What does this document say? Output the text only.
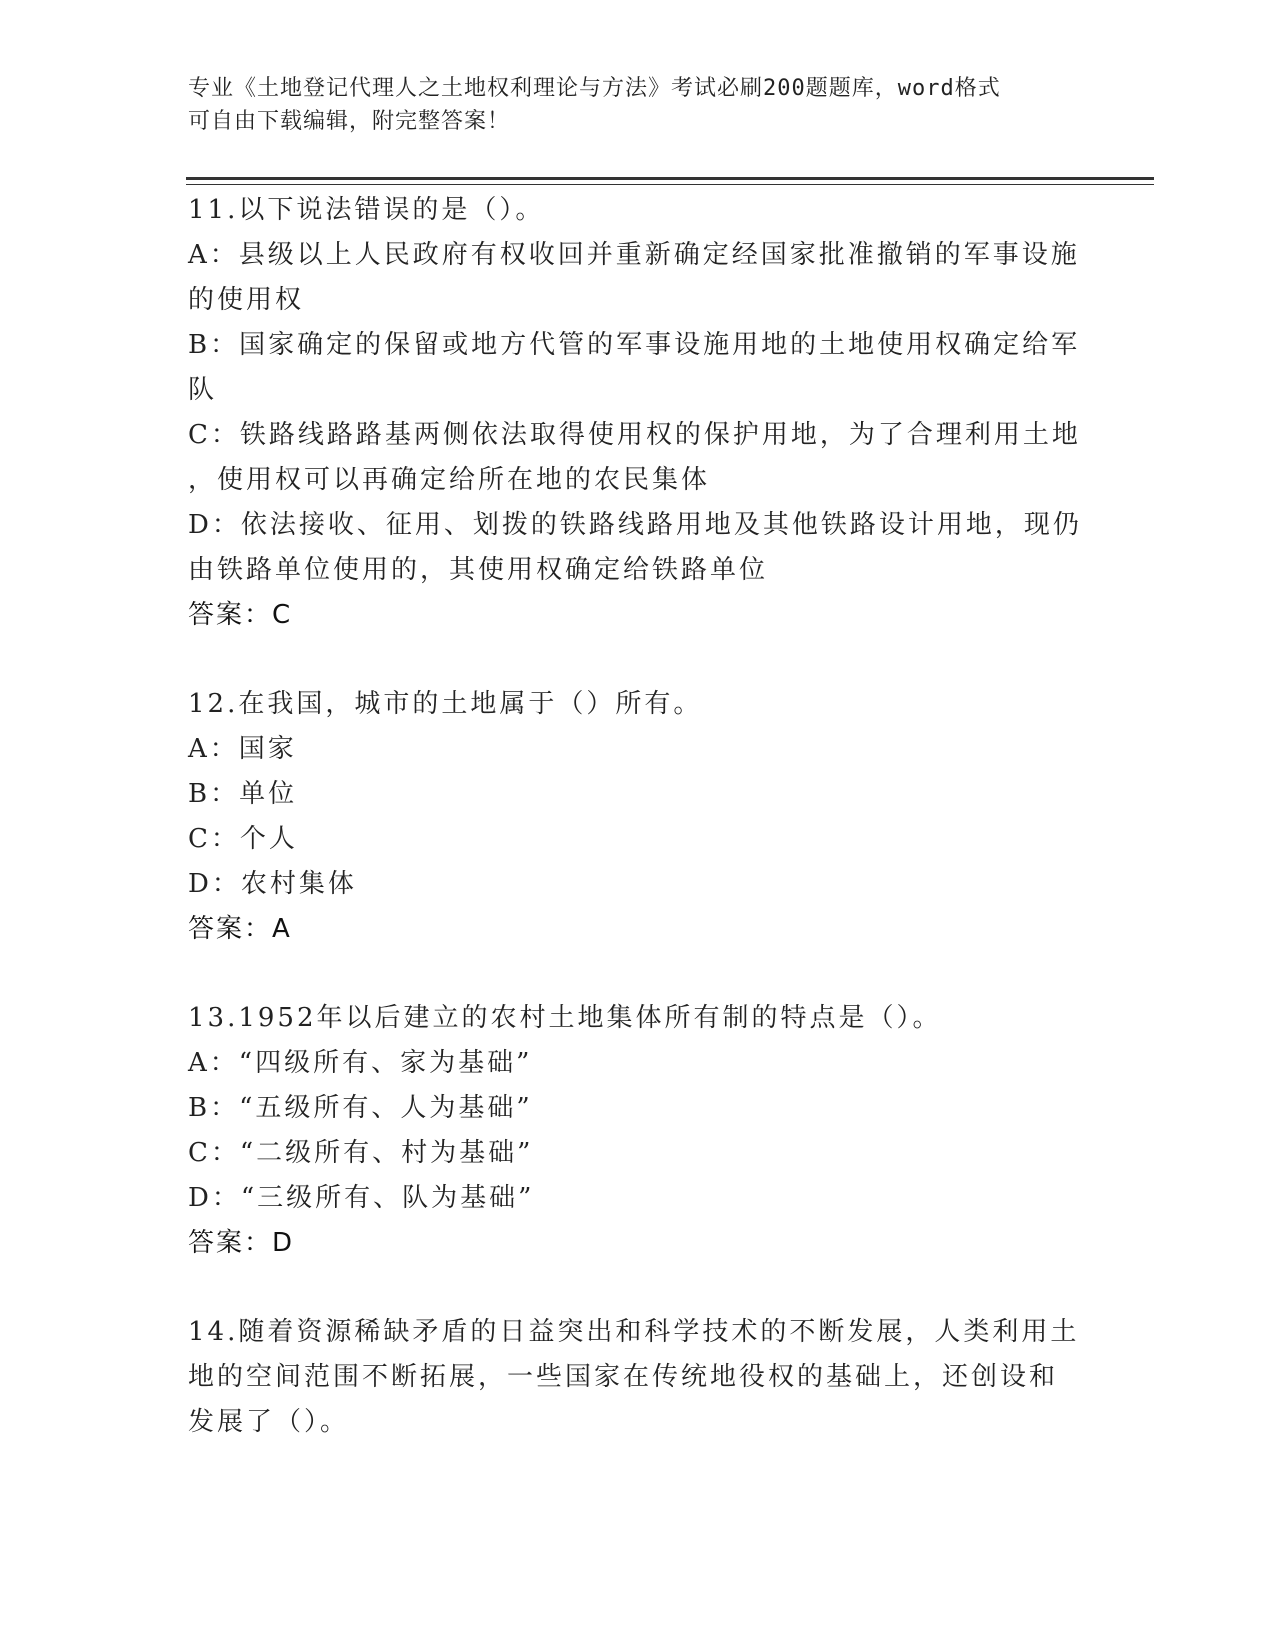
专业《土地登记代理人之土地权利理论与方法》考试必刷200题题库，word格式
可自由下载编辑，附完整答案！
11.以下说法错误的是（）。
A：县级以上人民政府有权收回并重新确定经国家批准撤销的军事设施
的使用权
B：国家确定的保留或地方代管的军事设施用地的土地使用权确定给军
队
C：铁路线路路基两侧依法取得使用权的保护用地，为了合理利用土地
，使用权可以再确定给所在地的农民集体
D：依法接收、征用、划拨的铁路线路用地及其他铁路设计用地，现仍
由铁路单位使用的，其使用权确定给铁路单位
答案：C
12.在我国，城市的土地属于（）所有。
A：国家
B：单位
C：个人
D：农村集体
答案：A
13.1952年以后建立的农村土地集体所有制的特点是（）。
A：“四级所有、家为基础”
B：“五级所有、人为基础”
C：“二级所有、村为基础”
D：“三级所有、队为基础”
答案：D
14.随着资源稀缺矛盾的日益突出和科学技术的不断发展，人类利用土
地的空间范围不断拓展，一些国家在传统地役权的基础上，还创设和
发展了（）。
